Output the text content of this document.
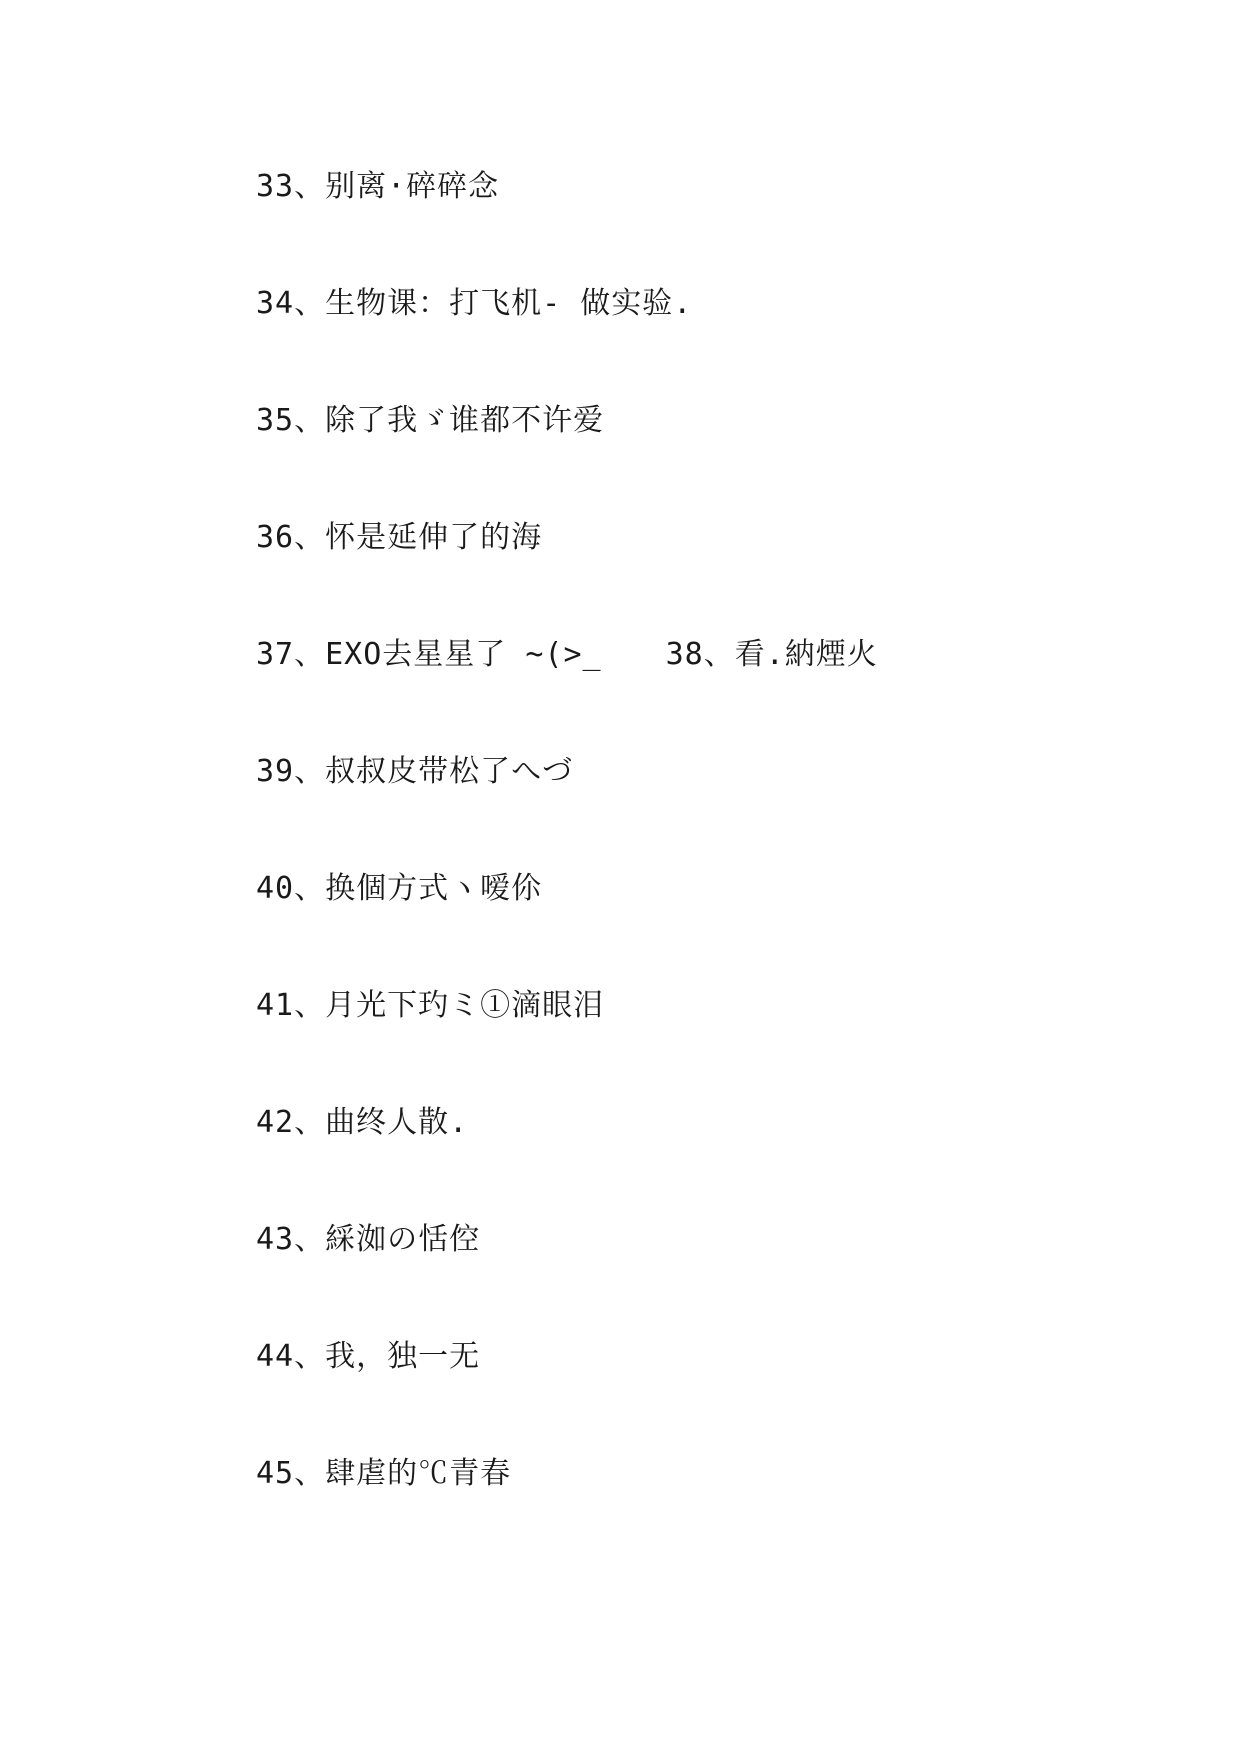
33、别离·碎碎念
34、生物课：打飞机- 做实验.
35、除了我ゞ谁都不许爱
36、怀是延伸了的海
37、EXO去星星了 ~(>_ 38、看.納煙火
39、叔叔皮带松了へづ
40、换個方式ヽ嗳伱
41、月光下玓ミ①滴眼泪
42、曲终人散.
43、綵洳の恬倥
44、我，独一无
45、肆虐的℃青春
